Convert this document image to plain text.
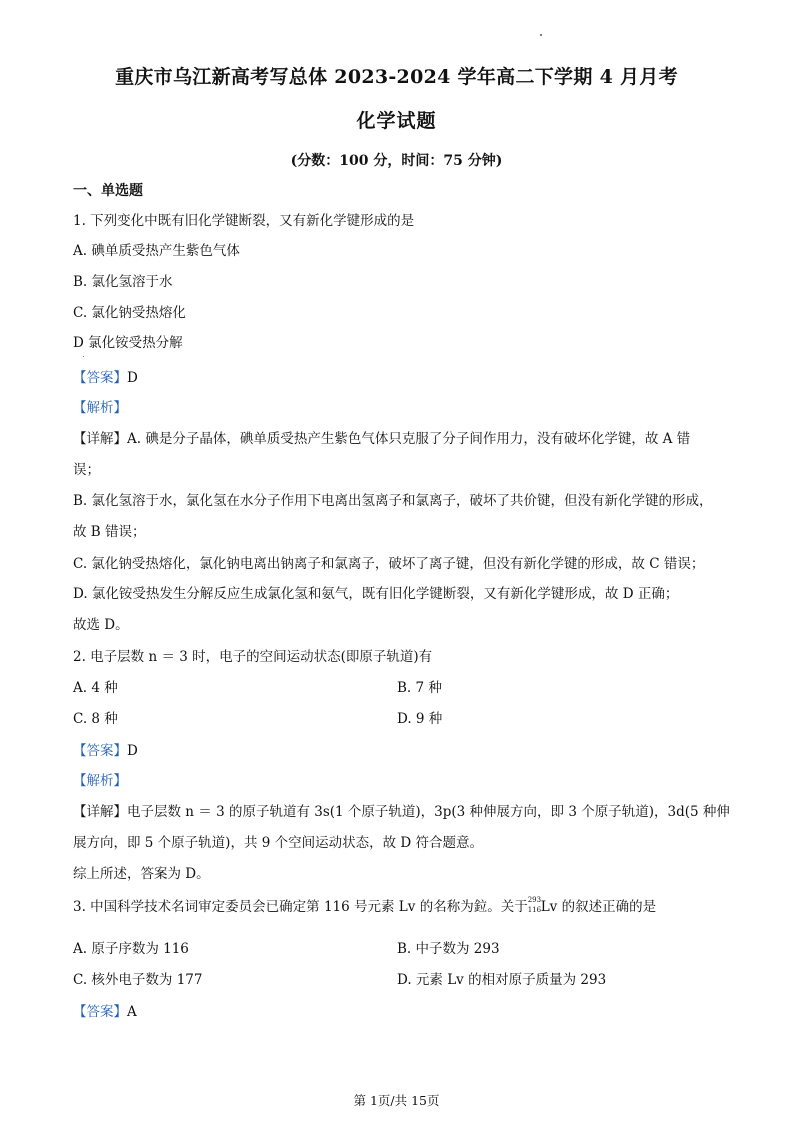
重庆市乌江新高考写总体 2023-2024 学年高二下学期 4 月月考
化学试题
(分数：100 分，时间：75 分钟)
一、单选题
1. 下列变化中既有旧化学键断裂，又有新化学键形成的是
A. 碘单质受热产生紫色气体
B. 氯化氢溶于水
C. 氯化钠受热熔化
D 氯化铵受热分解
【答案】D
【解析】
【详解】A. 碘是分子晶体，碘单质受热产生紫色气体只克服了分子间作用力，没有破坏化学键，故 A 错
误；
B. 氯化氢溶于水，氯化氢在水分子作用下电离出氢离子和氯离子，破坏了共价键，但没有新化学键的形成，
故 B 错误；
C. 氯化钠受热熔化，氯化钠电离出钠离子和氯离子，破坏了离子键，但没有新化学键的形成，故 C 错误；
D. 氯化铵受热发生分解反应生成氯化氢和氨气，既有旧化学键断裂，又有新化学键形成，故 D 正确；
故选 D。
2. 电子层数 n ＝ 3 时，电子的空间运动状态(即原子轨道)有
A. 4 种	B. 7 种
C. 8 种	D. 9 种
【答案】D
【解析】
【详解】电子层数 n ＝ 3 的原子轨道有 3s(1 个原子轨道)，3p(3 种伸展方向，即 3 个原子轨道)，3d(5 种伸
展方向，即 5 个原子轨道)，共 9 个空间运动状态，故 D 符合题意。
综上所述，答案为 D。
3. 中国科学技术名词审定委员会已确定第 116 号元素 Lv 的名称为鉝。关于 293
116 Lv 的叙述正确的是
A. 原子序数为 116	B. 中子数为 293
C. 核外电子数为 177	D. 元素 Lv 的相对原子质量为 293
【答案】A
第 1页/共 15页
